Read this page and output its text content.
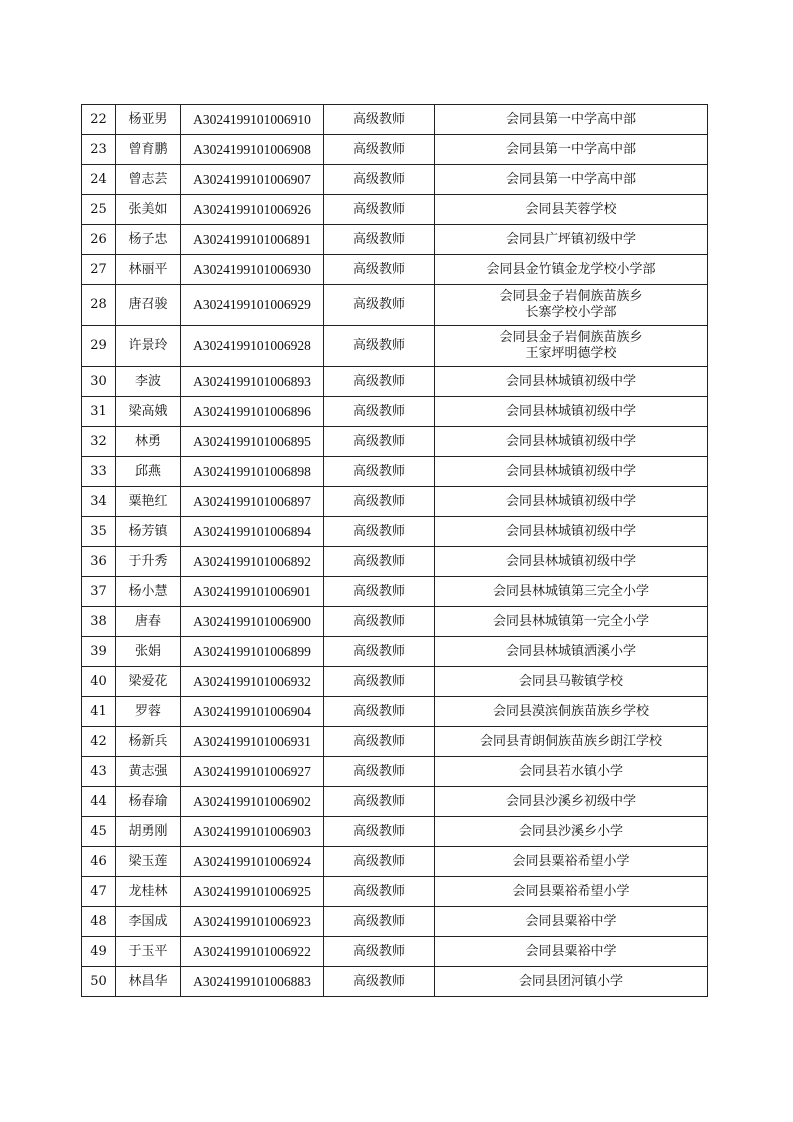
22	杨亚男	A3024199101006910	高级教师	会同县第一中学高中部

23	曾育鹏	A3024199101006908	高级教师	会同县第一中学高中部

24	曾志芸	A3024199101006907	高级教师	会同县第一中学高中部

25	张美如	A3024199101006926	高级教师	会同县芙蓉学校

26	杨子忠	A3024199101006891	高级教师	会同县广坪镇初级中学

27	林丽平	A3024199101006930	高级教师	会同县金竹镇金龙学校小学部

28	唐召骏	A3024199101006929	高级教师	会同县金子岩侗族苗族乡
长寨学校小学部

29	许景玲	A3024199101006928	高级教师	会同县金子岩侗族苗族乡
王家坪明德学校

30	李波	A3024199101006893	高级教师	会同县林城镇初级中学

31	梁高娥	A3024199101006896	高级教师	会同县林城镇初级中学

32	林勇	A3024199101006895	高级教师	会同县林城镇初级中学

33	邱燕	A3024199101006898	高级教师	会同县林城镇初级中学

34	粟艳红	A3024199101006897	高级教师	会同县林城镇初级中学

35	杨芳镇	A3024199101006894	高级教师	会同县林城镇初级中学

36	于升秀	A3024199101006892	高级教师	会同县林城镇初级中学

37	杨小慧	A3024199101006901	高级教师	会同县林城镇第三完全小学

38	唐春	A3024199101006900	高级教师	会同县林城镇第一完全小学

39	张娟	A3024199101006899	高级教师	会同县林城镇洒溪小学

40	梁爱花	A3024199101006932	高级教师	会同县马鞍镇学校

41	罗蓉	A3024199101006904	高级教师	会同县漠滨侗族苗族乡学校

42	杨新兵	A3024199101006931	高级教师	会同县青朗侗族苗族乡朗江学校

43	黄志强	A3024199101006927	高级教师	会同县若水镇小学

44	杨春瑜	A3024199101006902	高级教师	会同县沙溪乡初级中学

45	胡勇刚	A3024199101006903	高级教师	会同县沙溪乡小学

46	梁玉莲	A3024199101006924	高级教师	会同县粟裕希望小学

47	龙桂林	A3024199101006925	高级教师	会同县粟裕希望小学

48	李国成	A3024199101006923	高级教师	会同县粟裕中学

49	于玉平	A3024199101006922	高级教师	会同县粟裕中学

50	林昌华	A3024199101006883	高级教师	会同县团河镇小学
